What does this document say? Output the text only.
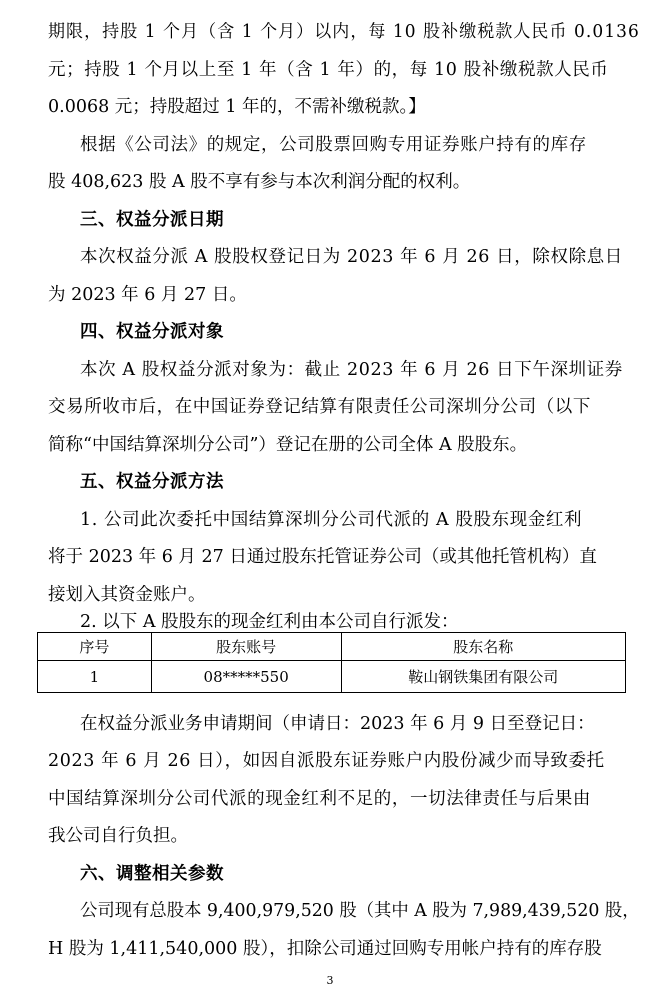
期限，持股 1 个月（含 1 个月）以内，每 10 股补缴税款人民币 0.0136
元；持股 1 个月以上至 1 年（含 1 年）的，每 10 股补缴税款人民币
0.0068 元；持股超过 1 年的，不需补缴税款。】
根据《公司法》的规定，公司股票回购专用证券账户持有的库存
股 408,623 股 A 股不享有参与本次利润分配的权利。
三、权益分派日期
本次权益分派 A 股股权登记日为 2023 年 6 月 26 日，除权除息日
为 2023 年 6 月 27 日。
四、权益分派对象
本次 A 股权益分派对象为：截止 2023 年 6 月 26 日下午深圳证券
交易所收市后，在中国证券登记结算有限责任公司深圳分公司（以下
简称“中国结算深圳分公司”）登记在册的公司全体 A 股股东。
五、权益分派方法
1. 公司此次委托中国结算深圳分公司代派的 A 股股东现金红利
将于 2023 年 6 月 27 日通过股东托管证券公司（或其他托管机构）直
接划入其资金账户。
2. 以下 A 股股东的现金红利由本公司自行派发：
序号	股东账号	股东名称
1	08*****550	鞍山钢铁集团有限公司
在权益分派业务申请期间（申请日：2023 年 6 月 9 日至登记日：
2023 年 6 月 26 日），如因自派股东证券账户内股份减少而导致委托
中国结算深圳分公司代派的现金红利不足的，一切法律责任与后果由
我公司自行负担。
六、调整相关参数
公司现有总股本 9,400,979,520 股（其中 A 股为 7,989,439,520 股，
H 股为 1,411,540,000 股），扣除公司通过回购专用帐户持有的库存股
3
